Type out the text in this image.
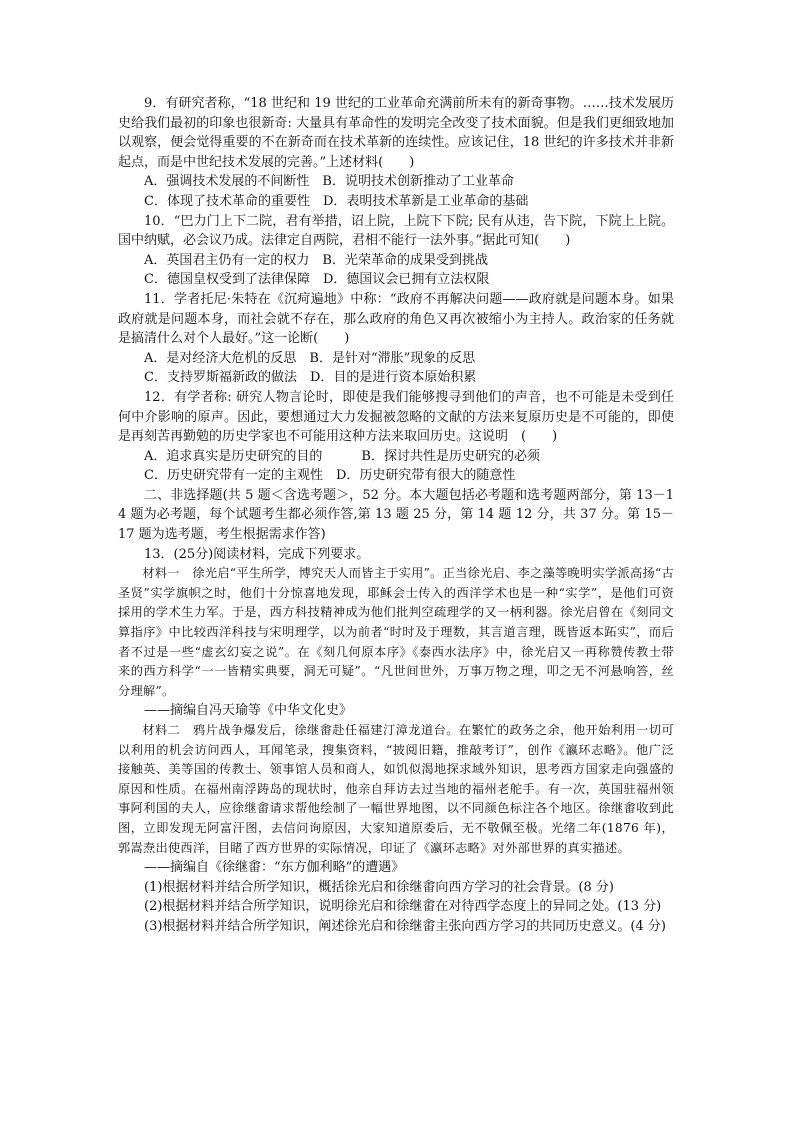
9．有研究者称，“18 世纪和 19 世纪的工业革命充满前所未有的新奇事物。……技术发展历史给我们最初的印象也很新奇: 大量具有革命性的发明完全改变了技术面貌。但是我们更细致地加以观察，便会觉得重要的不在新奇而在技术革新的连续性。应该记住，18 世纪的许多技术并非新起点，而是中世纪技术发展的完善。”上述材料(　　)

A．强调技术发展的不间断性　B．说明技术创新推动了工业革命

C．体现了技术革命的重要性　D．表明技术革新是工业革命的基础

10．“巴力门上下二院，君有举措，诏上院，上院下下院; 民有从违，告下院，下院上上院。国中纳赋，必会议乃成。法律定自两院，君相不能行一法外事。”据此可知(　　)

A．英国君主仍有一定的权力　B．光荣革命的成果受到挑战

C．德国皇权受到了法律保障　D．德国议会已拥有立法权限

11．学者托尼·朱特在《沉疴遍地》中称：“政府不再解决问题——政府就是问题本身。如果政府就是问题本身，而社会就不存在，那么政府的角色又再次被缩小为主持人。政治家的任务就是搞清什么对个人最好。”这一论断(　　)

A．是对经济大危机的反思　B．是针对“滞胀”现象的反思

C．支持罗斯福新政的做法　D．目的是进行资本原始积累

12．有学者称: 研究人物言论时，即使是我们能够搜寻到他们的声音，也不可能是未受到任何中介影响的原声。因此，要想通过大力发掘被忽略的文献的方法来复原历史是不可能的，即使是再刻苦再勤勉的历史学家也不可能用这种方法来取回历史。这说明　(　　)

A．追求真实是历史研究的目的　　　B．探讨共性是历史研究的必须

C．历史研究带有一定的主观性　D．历史研究带有很大的随意性

二、非选择题(共 5 题＜含选考题＞，52 分。本大题包括必考题和选考题两部分，第 13－14 题为必考题，每个试题考生都必须作答,第 13 题 25 分，第 14 题 12 分，共 37 分。第 15－17 题为选考题，考生根据需求作答)

13．(25分)阅读材料，完成下列要求。

材料一　徐光启“平生所学，博究天人而皆主于实用”。正当徐光启、李之藻等晚明实学派高扬“古圣贤”实学旗帜之时，他们十分惊喜地发现，耶稣会士传入的西洋学术也是一种“实学”，是他们可资採用的学术生力军。于是，西方科技精神成为他们批判空疏理学的又一柄利器。徐光启曾在《刻同文算指序》中比较西洋科技与宋明理学，以为前者“时时及于理数，其言道言理，既皆返本跖实”，而后者不过是一些“虚玄幻妄之说”。在《刻几何原本序》《泰西水法序》中，徐光启又一再称赞传教士带来的西方科学“一一皆精实典要，洞无可疑”。“凡世间世外，万事万物之理，叩之无不河悬响答，丝分理解”。

——摘编自冯天瑜等《中华文化史》

材料二　鸦片战争爆发后，徐继畬赴任福建汀漳龙道台。在繁忙的政务之余，他开始利用一切可以利用的机会访问西人，耳闻笔录，搜集资料，“披阅旧籍，推敲考订”，创作《瀛环志略》。他广泛接触英、美等国的传教士、领事馆人员和商人，如饥似渴地探求域外知识，思考西方国家走向强盛的原因和性质。在福州南浮踌岛的现状时，他亲自拜访去过当地的福州老舵手。有一次，英国驻福州领事阿利国的夫人，应徐继畬请求帮他绘制了一幅世界地图，以不同颜色标注各个地区。徐继畬收到此图，立即发现无阿富汗图，去信问询原因，大家知道原委后，无不敬佩至极。光绪二年(1876 年)，郭嵩焘出使西洋，目睹了西方世界的实际情况，印证了《瀛环志略》对外部世界的真实描述。

——摘编自《徐继畬：“东方伽利略”的遭遇》

(1)根据材料并结合所学知识，概括徐光启和徐继畬向西方学习的社会背景。(8 分)

(2)根据材料并结合所学知识，说明徐光启和徐继畬在对待西学态度上的异同之处。(13 分)

(3)根据材料并结合所学知识，阐述徐光启和徐继畬主张向西方学习的共同历史意义。(4 分)
